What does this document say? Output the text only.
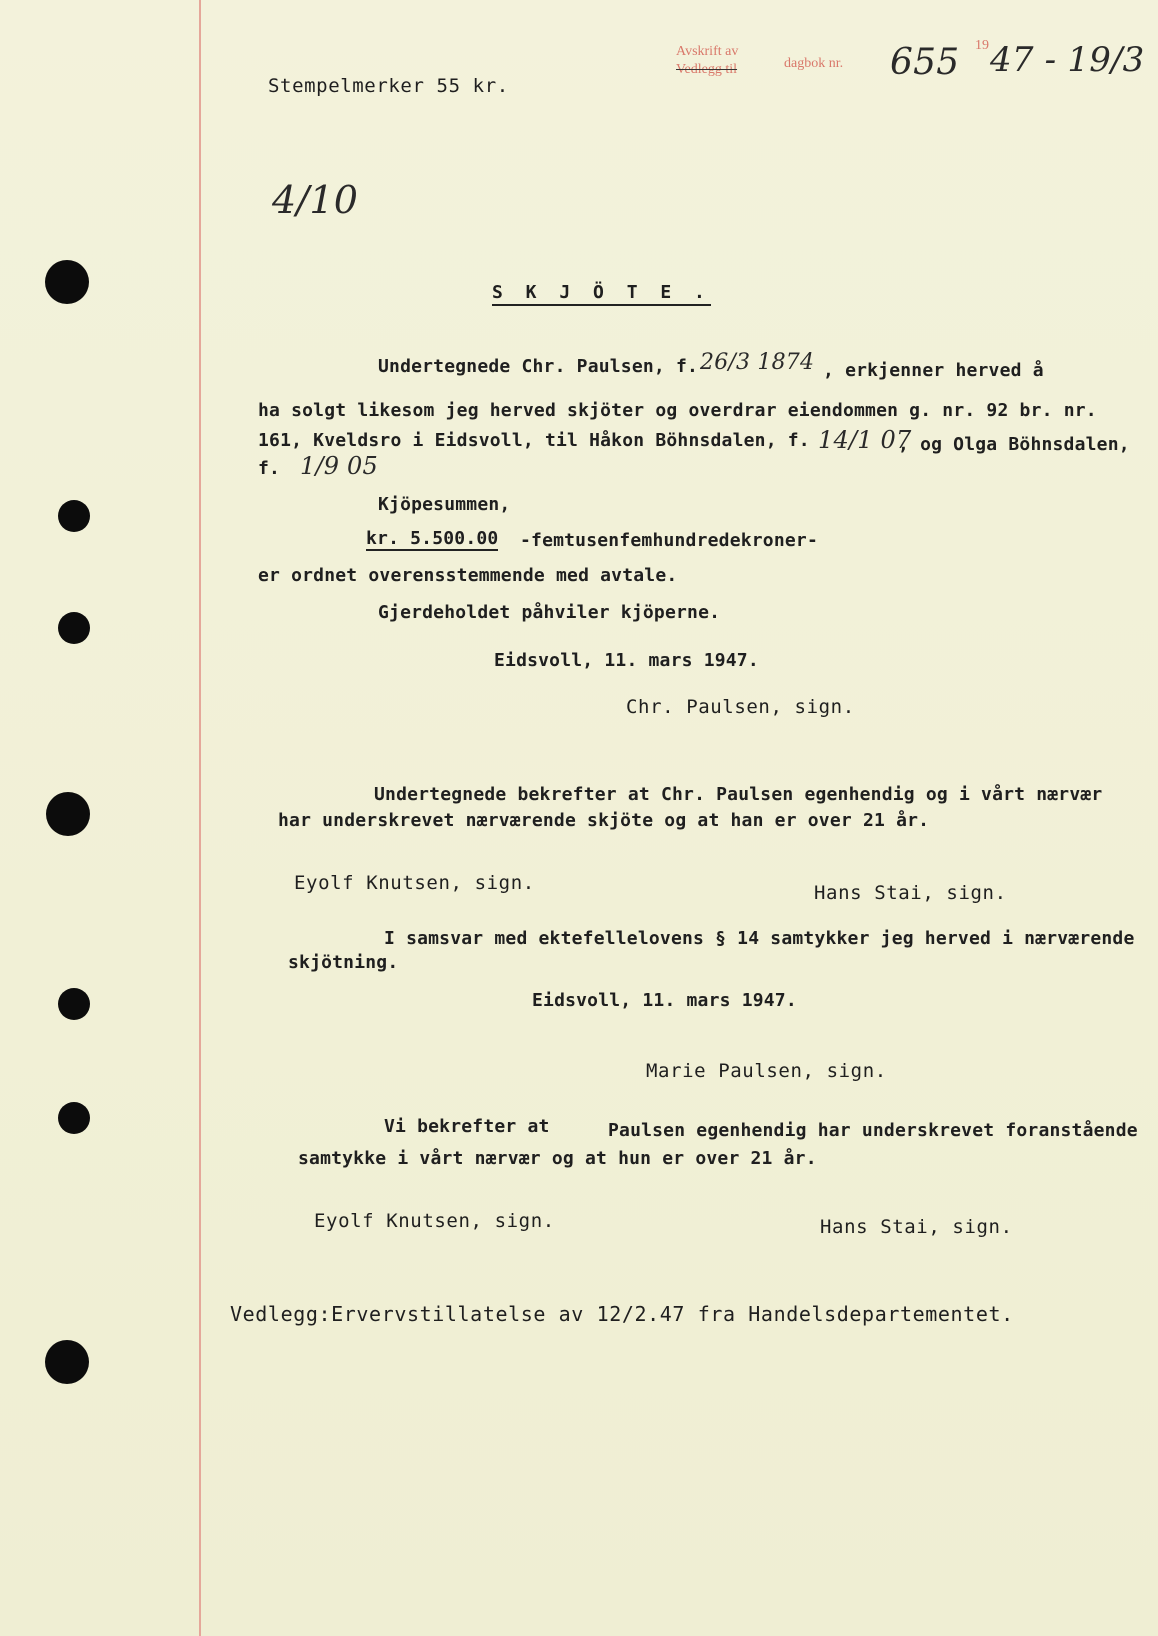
Stempelmerker 55 kr.
Avskrift av
Vedlegg til	dagbok nr.
19
655 47 - 19/3
4/10
S K J Ö T E .
Undertegnede Chr. Paulsen, f. 26/3 1874 , erkjenner herved å
ha solgt likesom jeg herved skjöter og overdrar eiendommen g. nr. 92 br. nr.
161, Kveldsro i Eidsvoll, til Håkon Böhnsdalen, f. 14/1 07
, og Olga Böhnsdalen,
f. 1/9 05
Kjöpesummen,
kr. 5.500.00 -femtusenfemhundredekroner-
er ordnet overensstemmende med avtale.
Gjerdeholdet påhviler kjöperne.
Eidsvoll, 11. mars 1947.
Chr. Paulsen, sign.
Undertegnede bekrefter at Chr. Paulsen egenhendig og i vårt nærvær
har underskrevet nærværende skjöte og at han er over 21 år.
Eyolf Knutsen, sign.	Hans Stai, sign.
I samsvar med ektefellelovens § 14 samtykker jeg herved i nærværende
skjötning.
Eidsvoll, 11. mars 1947.
Marie Paulsen, sign.
Vi bekrefter at	Paulsen egenhendig har underskrevet foranstående
samtykke i vårt nærvær og at hun er over 21 år.
Eyolf Knutsen, sign.	Hans Stai, sign.
Vedlegg:Ervervstillatelse av 12/2.47 fra Handelsdepartementet.
